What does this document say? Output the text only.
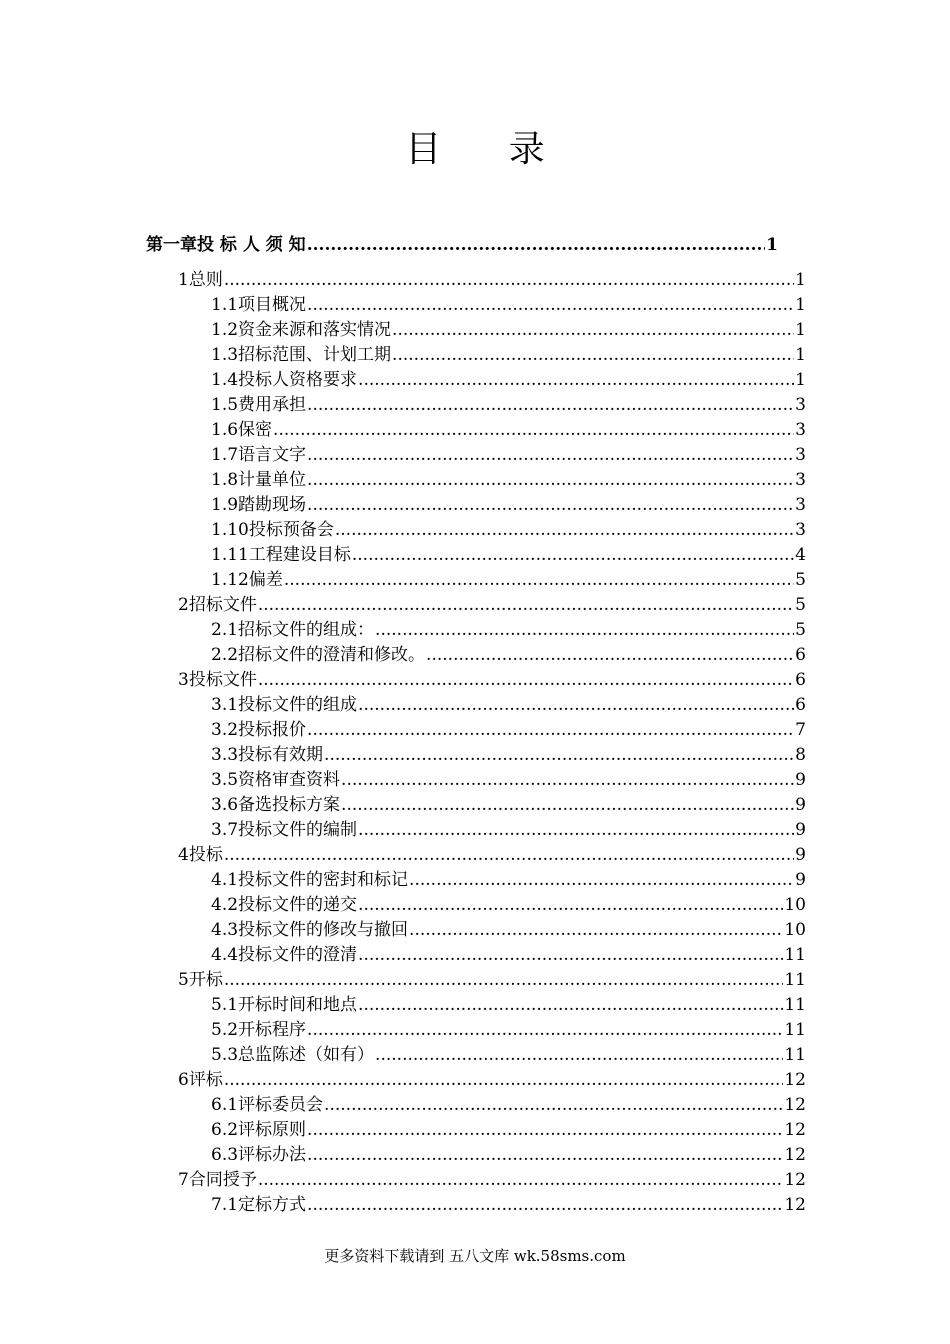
目 录
第一章 投 标 人 须 知 .....	1
1 总则 .....	1
1.1 项目概况 .....	1
1.2 资金来源和落实情况 .....	1
1.3 招标范围、计划工期 .....	1
1.4 投标人资格要求 .....	1
1.5 费用承担 .....	3
1.6 保密 .....	3
1.7 语言文字 .....	3
1.8 计量单位 .....	3
1.9 踏勘现场 .....	3
1.10 投标预备会 .....	3
1.11 工程建设目标 .....	4
1.12 偏差 .....	5
2 招标文件 .....	5
2.1 招标文件的组成： .....	5
2.2 招标文件的澄清和修改。 .....	6
3 投标文件 .....	6
3.1 投标文件的组成 .....	6
3.2 投标报价 .....	7
3.3 投标有效期 .....	8
3.5 资格审查资料 .....	9
3.6 备选投标方案 .....	9
3.7 投标文件的编制 .....	9
4 投标 .....	9
4.1 投标文件的密封和标记 .....	9
4.2 投标文件的递交 .....	10
4.3 投标文件的修改与撤回 .....	10
4.4 投标文件的澄清 .....	11
5 开标 .....	11
5.1 开标时间和地点 .....	11
5.2 开标程序 .....	11
5.3 总监陈述（如有） .....	11
6 评标 .....	12
6.1 评标委员会 .....	12
6.2 评标原则 .....	12
6.3 评标办法 .....	12
7 合同授予 .....	12
7.1 定标方式 .....	12
更多资料下载请到 五八文库 wk.58sms.com
